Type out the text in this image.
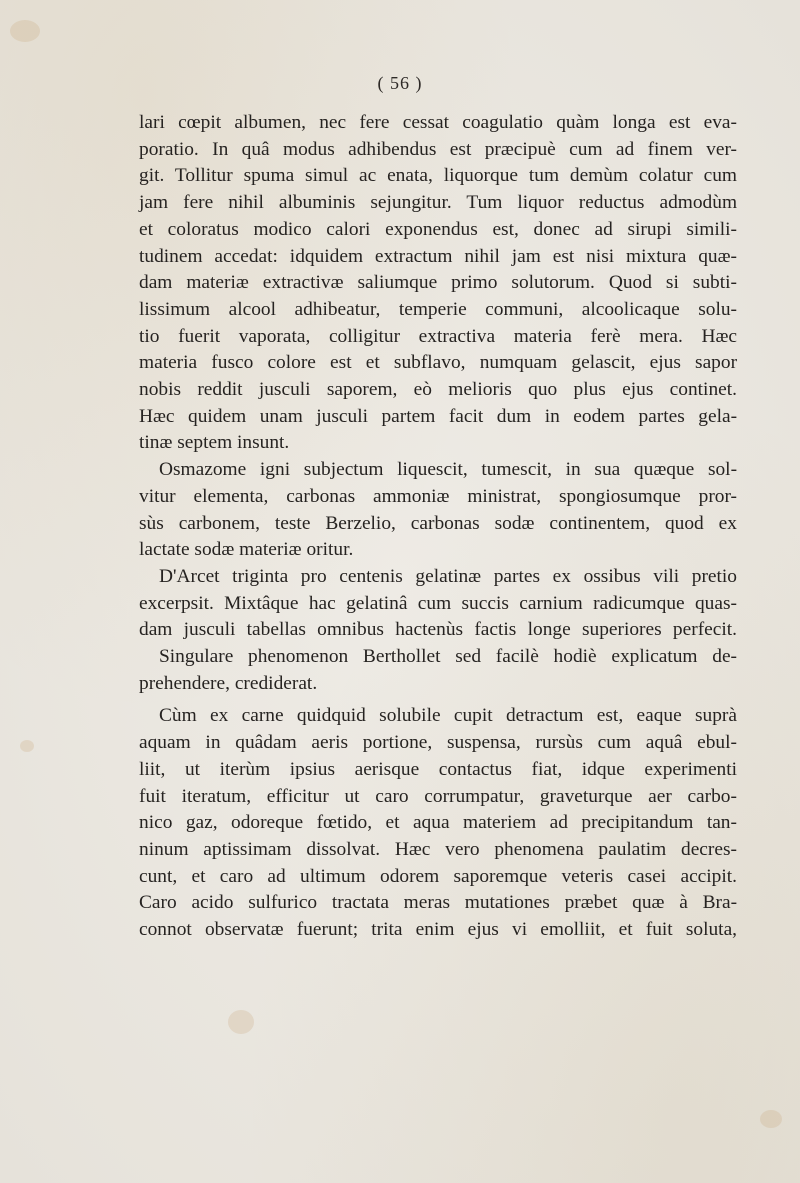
( 56 )
lari cœpit albumen, nec fere cessat coagulatio quàm longa est eva-
poratio. In quâ modus adhibendus est præcipuè cum ad finem ver-
git. Tollitur spuma simul ac enata, liquorque tum demùm colatur cum
jam fere nihil albuminis sejungitur. Tum liquor reductus admodùm
et coloratus modico calori exponendus est, donec ad sirupi simili-
tudinem accedat: idquidem extractum nihil jam est nisi mixtura quæ-
dam materiæ extractivæ saliumque primo solutorum. Quod si subti-
lissimum alcool adhibeatur, temperie communi, alcoolicaque solu-
tio fuerit vaporata, colligitur extractiva materia ferè mera. Hæc
materia fusco colore est et subflavo, numquam gelascit, ejus sapor
nobis reddit jusculi saporem, eò melioris quo plus ejus continet.
Hæc quidem unam jusculi partem facit dum in eodem partes gela-
tinæ septem insunt.
Osmazome igni subjectum liquescit, tumescit, in sua quæque sol-
vitur elementa, carbonas ammoniæ ministrat, spongiosumque pror-
sùs carbonem, teste Berzelio, carbonas sodæ continentem, quod ex
lactate sodæ materiæ oritur.
D'Arcet triginta pro centenis gelatinæ partes ex ossibus vili pretio
excerpsit. Mixtâque hac gelatinâ cum succis carnium radicumque quas-
dam jusculi tabellas omnibus hactenùs factis longe superiores perfecit.
Singulare phenomenon Berthollet sed facilè hodiè explicatum de-
prehendere, crediderat.
Cùm ex carne quidquid solubile cupit detractum est, eaque suprà
aquam in quâdam aeris portione, suspensa, rursùs cum aquâ ebul-
liit, ut iterùm ipsius aerisque contactus fiat, idque experimenti
fuit iteratum, efficitur ut caro corrumpatur, graveturque aer carbo-
nico gaz, odoreque fœtido, et aqua materiem ad precipitandum tan-
ninum aptissimam dissolvat. Hæc vero phenomena paulatim decres-
cunt, et caro ad ultimum odorem saporemque veteris casei accipit.
Caro acido sulfurico tractata meras mutationes præbet quæ à Bra-
connot observatæ fuerunt; trita enim ejus vi emolliit, et fuit soluta,
